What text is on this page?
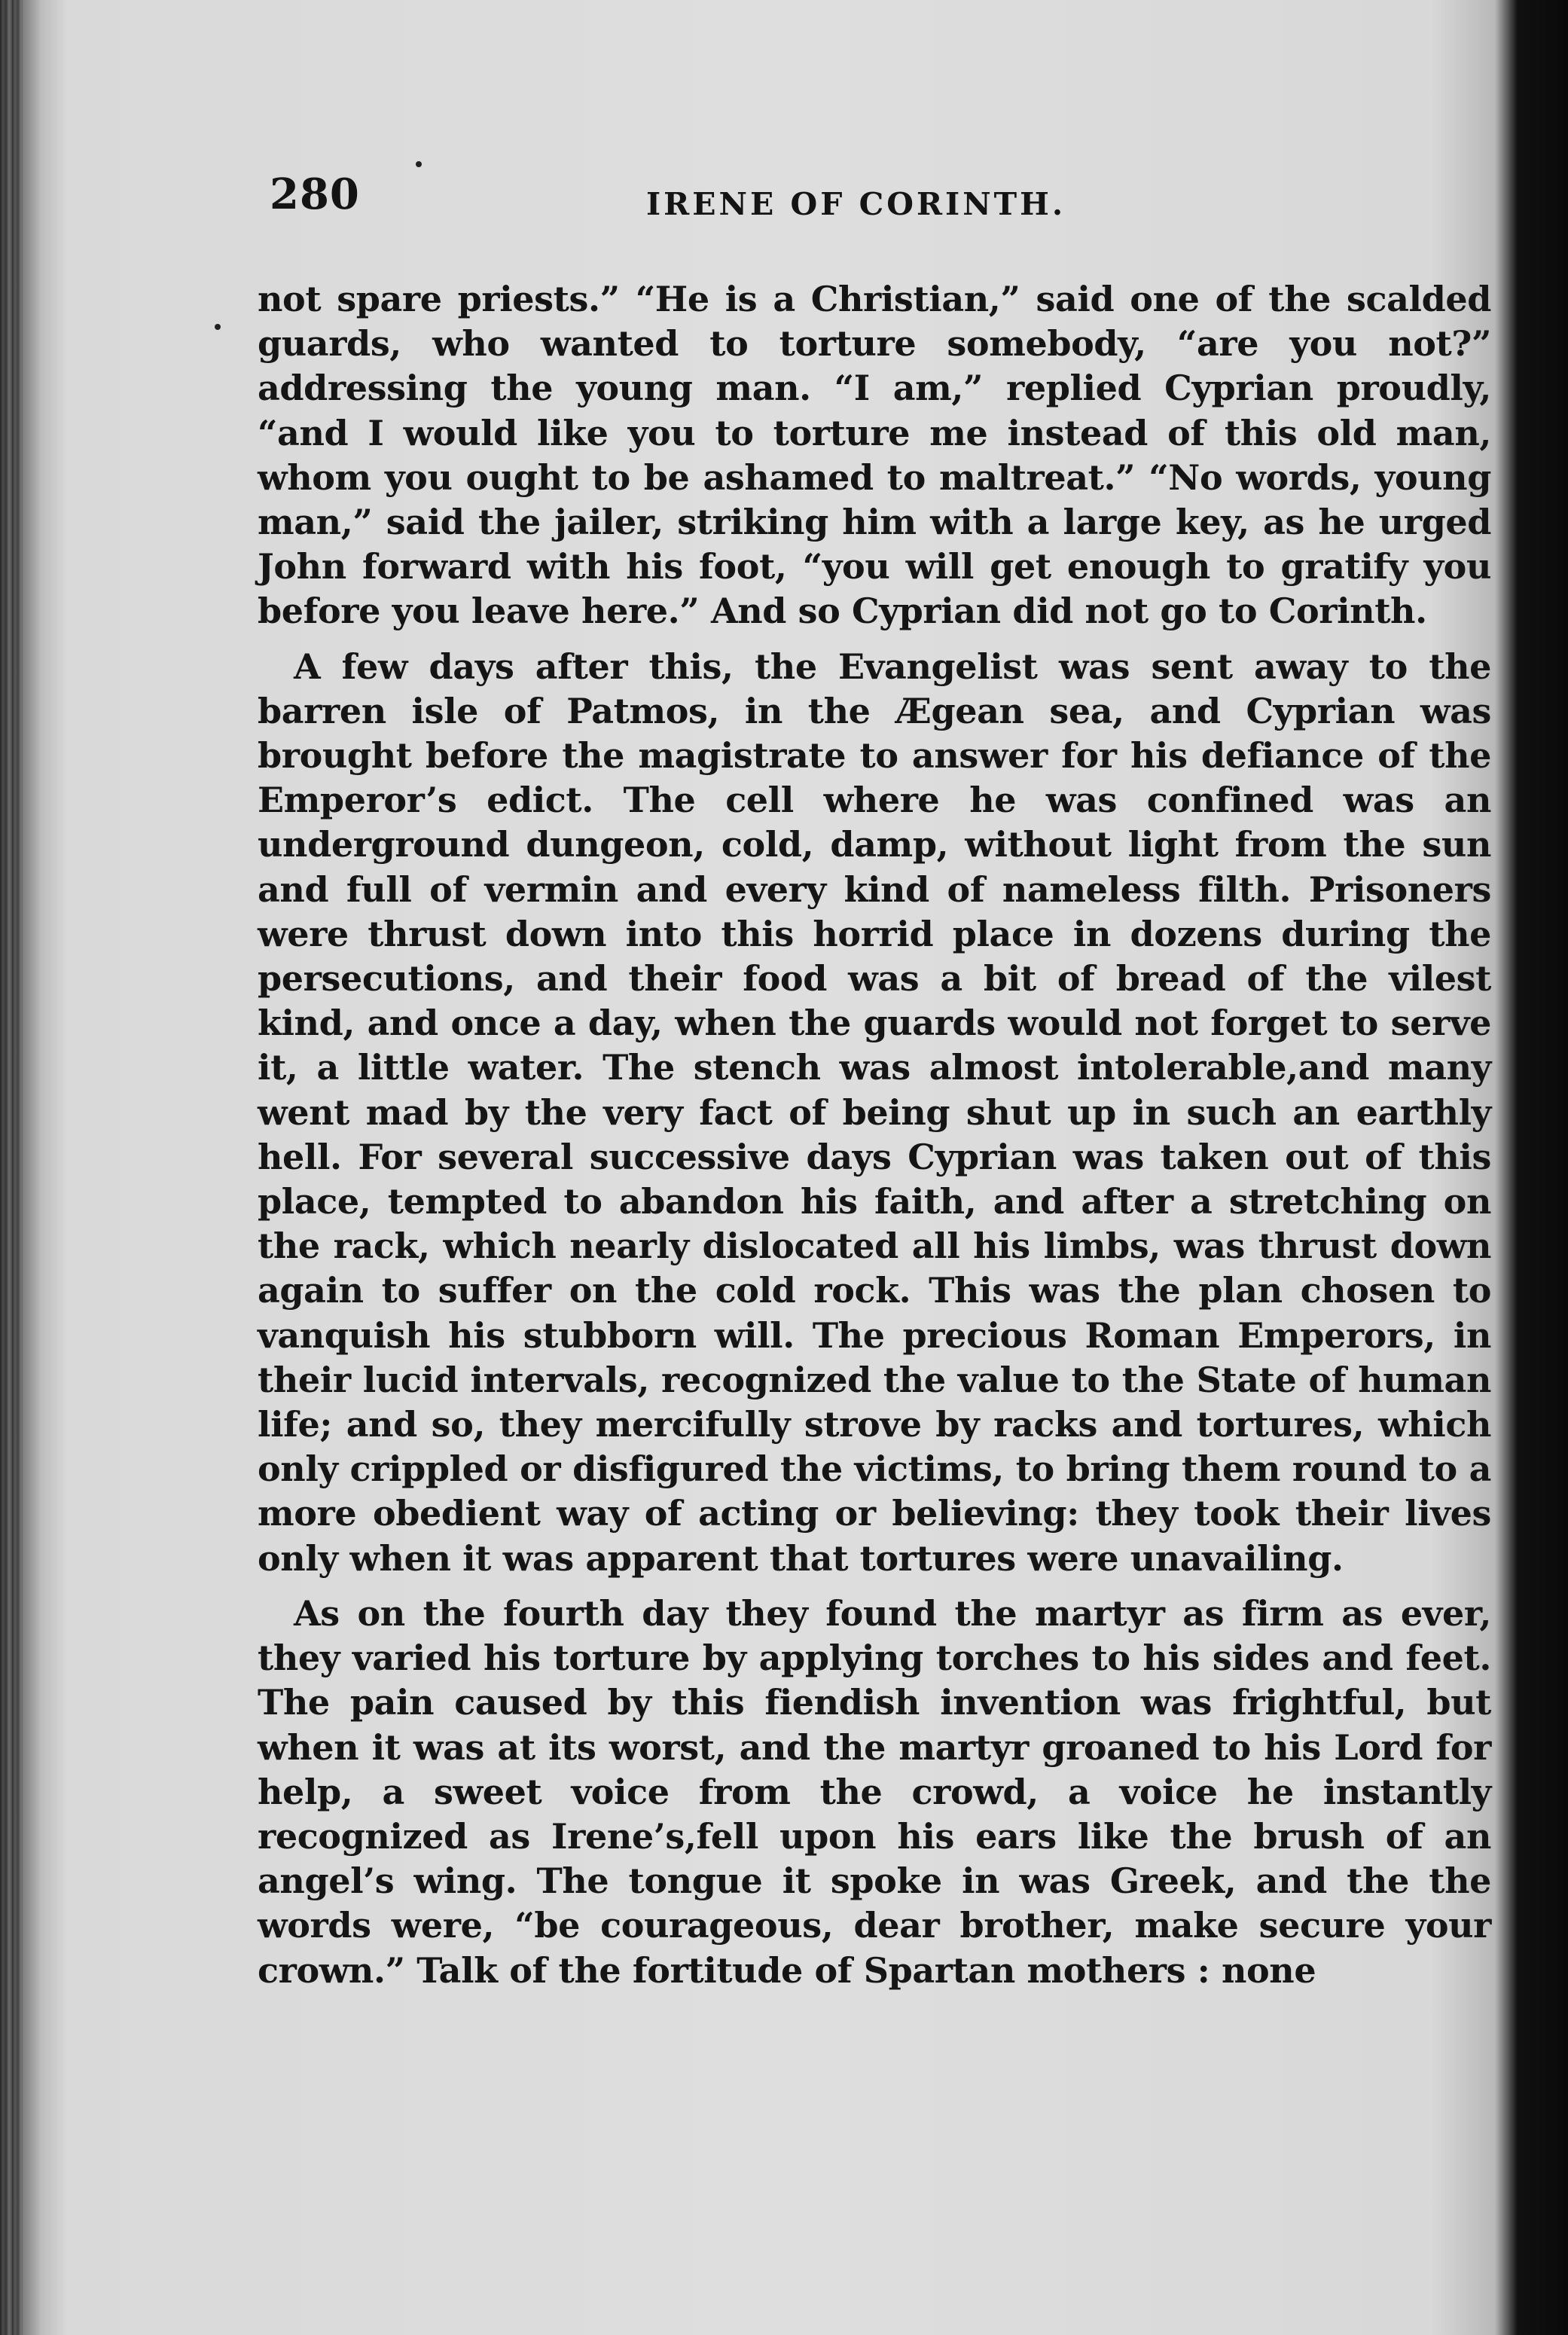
280	IRENE OF CORINTH.

not spare priests.” “He is a Christian,” said one of the scalded guards, who wanted to torture somebody, “are you not?” addressing the young man. “I am,” replied Cyprian proudly, “and I would like you to torture me instead of this old man, whom you ought to be ashamed to maltreat.” “No words, young man,” said the jailer, striking him with a large key, as he urged John forward with his foot, “you will get enough to gratify you before you leave here.” And so Cyprian did not go to Corinth.

A few days after this, the Evangelist was sent away to the barren isle of Patmos, in the Ægean sea, and Cyprian was brought before the magistrate to answer for his defiance of the Emperor’s edict. The cell where he was confined was an underground dungeon, cold, damp, without light from the sun and full of vermin and every kind of nameless filth. Prisoners were thrust down into this horrid place in dozens during the persecutions, and their food was a bit of bread of the vilest kind, and once a day, when the guards would not forget to serve it, a little water. The stench was almost intolerable,and many went mad by the very fact of being shut up in such an earthly hell. For several successive days Cyprian was taken out of this place, tempted to abandon his faith, and after a stretching on the rack, which nearly dislocated all his limbs, was thrust down again to suffer on the cold rock. This was the plan chosen to vanquish his stubborn will. The precious Roman Emperors, in their lucid intervals, recognized the value to the State of human life; and so, they mercifully strove by racks and tortures, which only crippled or disfigured the victims, to bring them round to a more obedient way of acting or believing: they took their lives only when it was apparent that tortures were unavailing.

As on the fourth day they found the martyr as firm as ever, they varied his torture by applying torches to his sides and feet. The pain caused by this fiendish invention was frightful, but when it was at its worst, and the martyr groaned to his Lord for help, a sweet voice from the crowd, a voice he instantly recognized as Irene’s,fell upon his ears like the brush of an angel’s wing. The tongue it spoke in was Greek, and the the words were, “be courageous, dear brother, make secure your crown.” Talk of the fortitude of Spartan mothers : none
